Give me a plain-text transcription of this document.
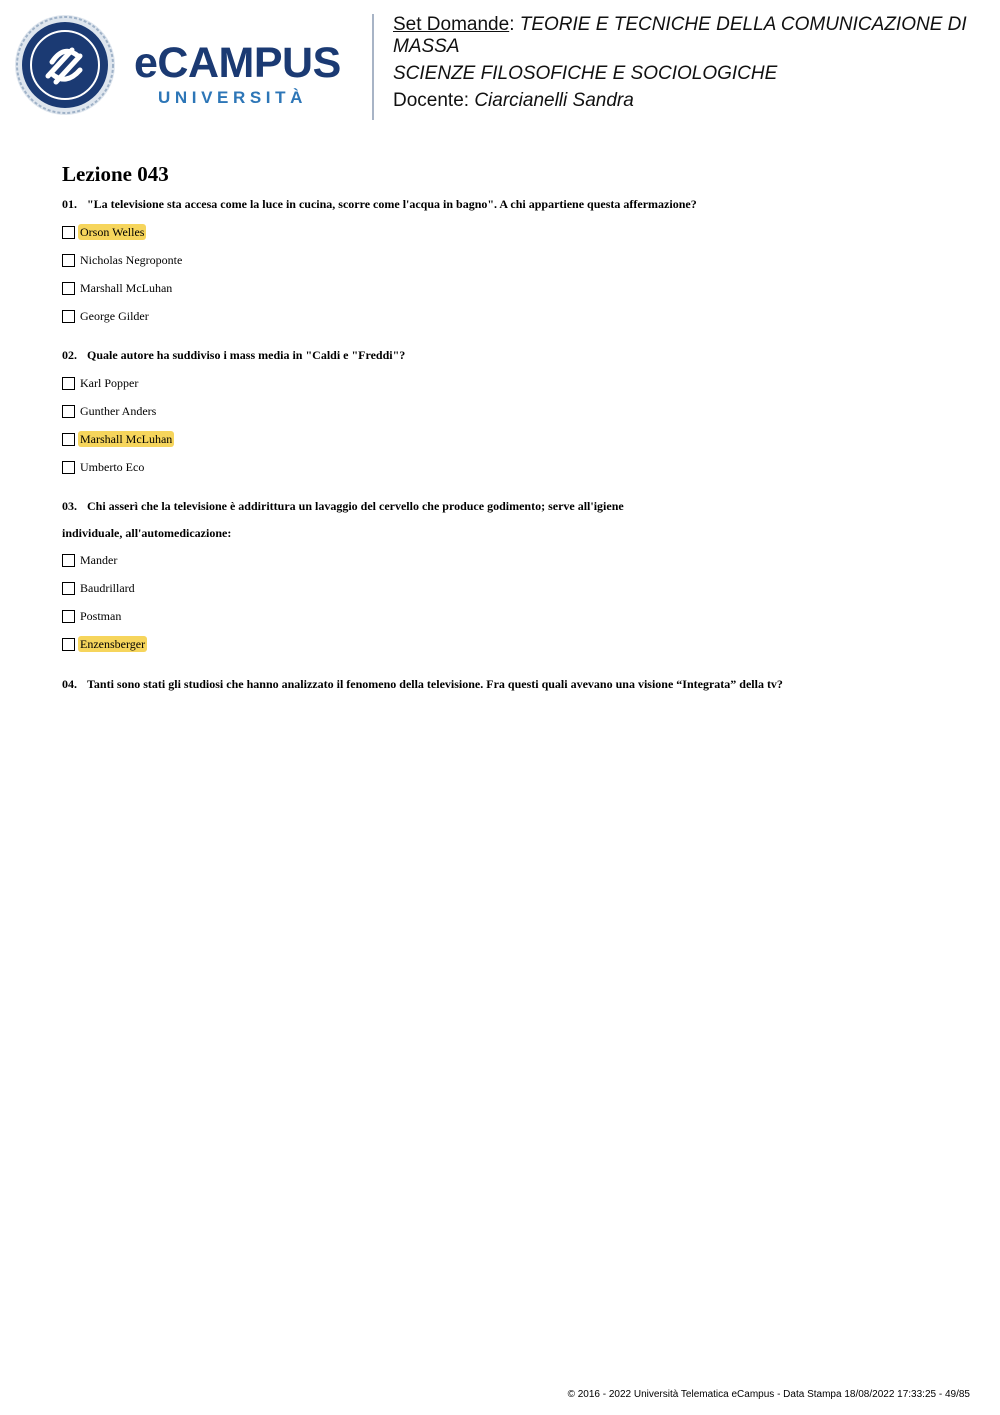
eCAMPUS
UNIVERSITÀ
Set Domande: TEORIE E TECNICHE DELLA COMUNICAZIONE DI MASSA
SCIENZE FILOSOFICHE E SOCIOLOGICHE
Docente: Ciarcianelli Sandra
Lezione 043
01. "La televisione sta accesa come la luce in cucina, scorre come l'acqua in bagno". A chi appartiene questa affermazione?
Orson Welles
Nicholas Negroponte
Marshall McLuhan
George Gilder
02. Quale autore ha suddiviso i mass media in "Caldi e "Freddi"?
Karl Popper
Gunther Anders
Marshall McLuhan
Umberto Eco
03. Chi asserì che la televisione è addirittura un lavaggio del cervello che produce godimento; serve all'igiene
individuale, all'automedicazione:
Mander
Baudrillard
Postman
Enzensberger
04. Tanti sono stati gli studiosi che hanno analizzato il fenomeno della televisione. Fra questi quali avevano una visione “Integrata” della tv?
© 2016 - 2022 Università Telematica eCampus - Data Stampa 18/08/2022 17:33:25 - 49/85
